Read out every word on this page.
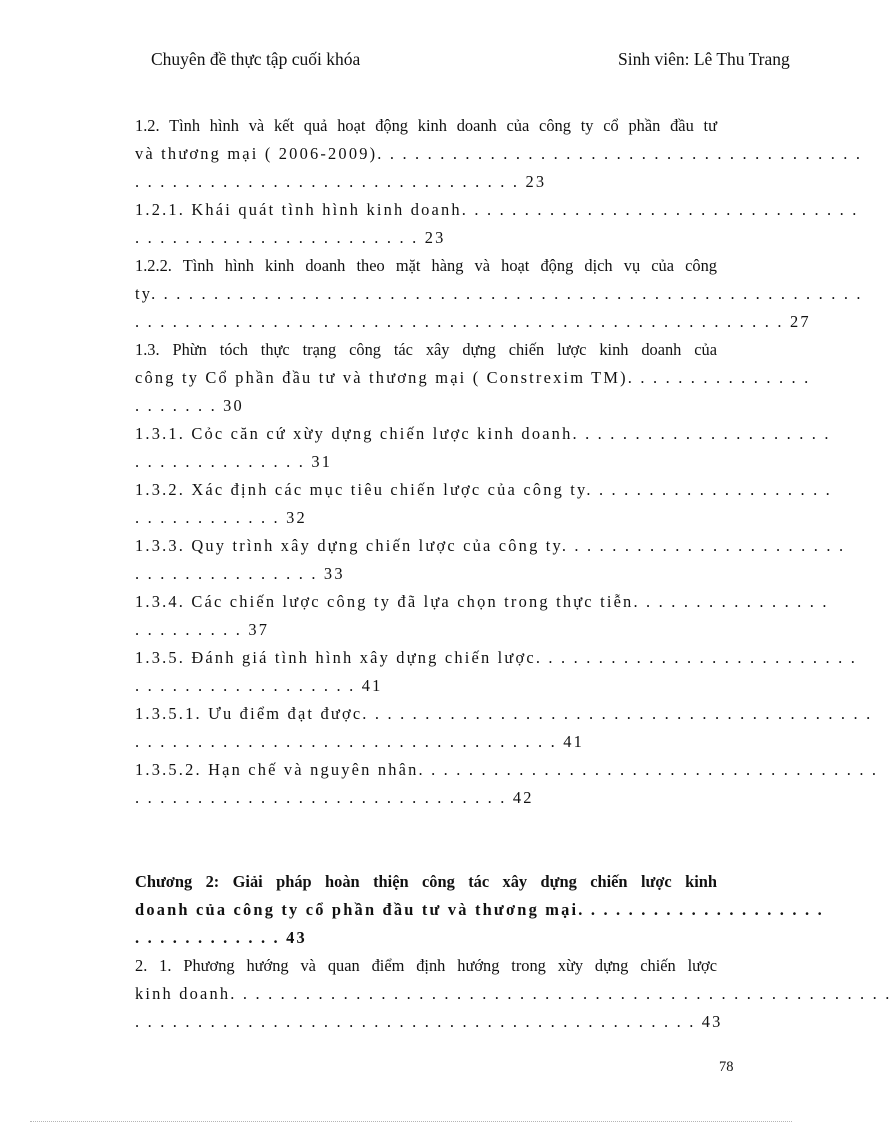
Chuyên đề thực tập cuối khóa	Sinh viên: Lê Thu Trang
1.2. Tình hình và kết quả hoạt động kinh doanh của công ty cổ phần đầu tư
và thương mại ( 2006-2009). . . . . . . . . . . . . . . . . . . . . . . . . . . . . . . . . . . . . . .
. . . . . . . . . . . . . . . . . . . . . . . . . . . . . . . 23
1.2.1. Khái quát tình hình kinh doanh. . . . . . . . . . . . . . . . . . . . . . . . . . . . . . . .
. . . . . . . . . . . . . . . . . . . . . . . 23
1.2.2. Tình hình kinh doanh theo mặt hàng và hoạt động dịch vụ của công
ty. . . . . . . . . . . . . . . . . . . . . . . . . . . . . . . . . . . . . . . . . . . . . . . . . . . . . . . . .
. . . . . . . . . . . . . . . . . . . . . . . . . . . . . . . . . . . . . . . . . . . . . . . . . . . . 27
1.3. Phừn tóch thực trạng công tác xây dựng chiến lược kinh doanh của
công ty Cổ phần đầu tư và thương mại ( Constrexim TM). . . . . . . . . . . . . . .
. . . . . . . 30
1.3.1. Cỏc căn cứ xừy dựng chiến lược kinh doanh. . . . . . . . . . . . . . . . . . . . .
. . . . . . . . . . . . . . 31
1.3.2. Xác định các mục tiêu chiến lược của công ty. . . . . . . . . . . . . . . . . . . .
. . . . . . . . . . . . 32
1.3.3. Quy trình xây dựng chiến lược của công ty. . . . . . . . . . . . . . . . . . . . . . .
. . . . . . . . . . . . . . . 33
1.3.4. Các chiến lược công ty đã lựa chọn trong thực tiễn. . . . . . . . . . . . . . . .
. . . . . . . . . 37
1.3.5. Đánh giá tình hình xây dựng chiến lược. . . . . . . . . . . . . . . . . . . . . . . . . .
. . . . . . . . . . . . . . . . . . 41
1.3.5.1. Ưu điểm đạt được. . . . . . . . . . . . . . . . . . . . . . . . . . . . . . . . . . . . . . . . .
. . . . . . . . . . . . . . . . . . . . . . . . . . . . . . . . . . 41
1.3.5.2. Hạn chế và nguyên nhân. . . . . . . . . . . . . . . . . . . . . . . . . . . . . . . . . . . . .
. . . . . . . . . . . . . . . . . . . . . . . . . . . . . . 42
Chương 2: Giải pháp hoàn thiện công tác xây dựng chiến lược kinh
doanh của công ty cổ phần đầu tư và thương mại. . . . . . . . . . . . . . . . . . . .
. . . . . . . . . . . . 43
2. 1. Phương hướng và quan điểm định hướng trong xừy dựng chiến lược
kinh doanh. . . . . . . . . . . . . . . . . . . . . . . . . . . . . . . . . . . . . . . . . . . . . . . . . . . . .
. . . . . . . . . . . . . . . . . . . . . . . . . . . . . . . . . . . . . . . . . . . . . 43
78
